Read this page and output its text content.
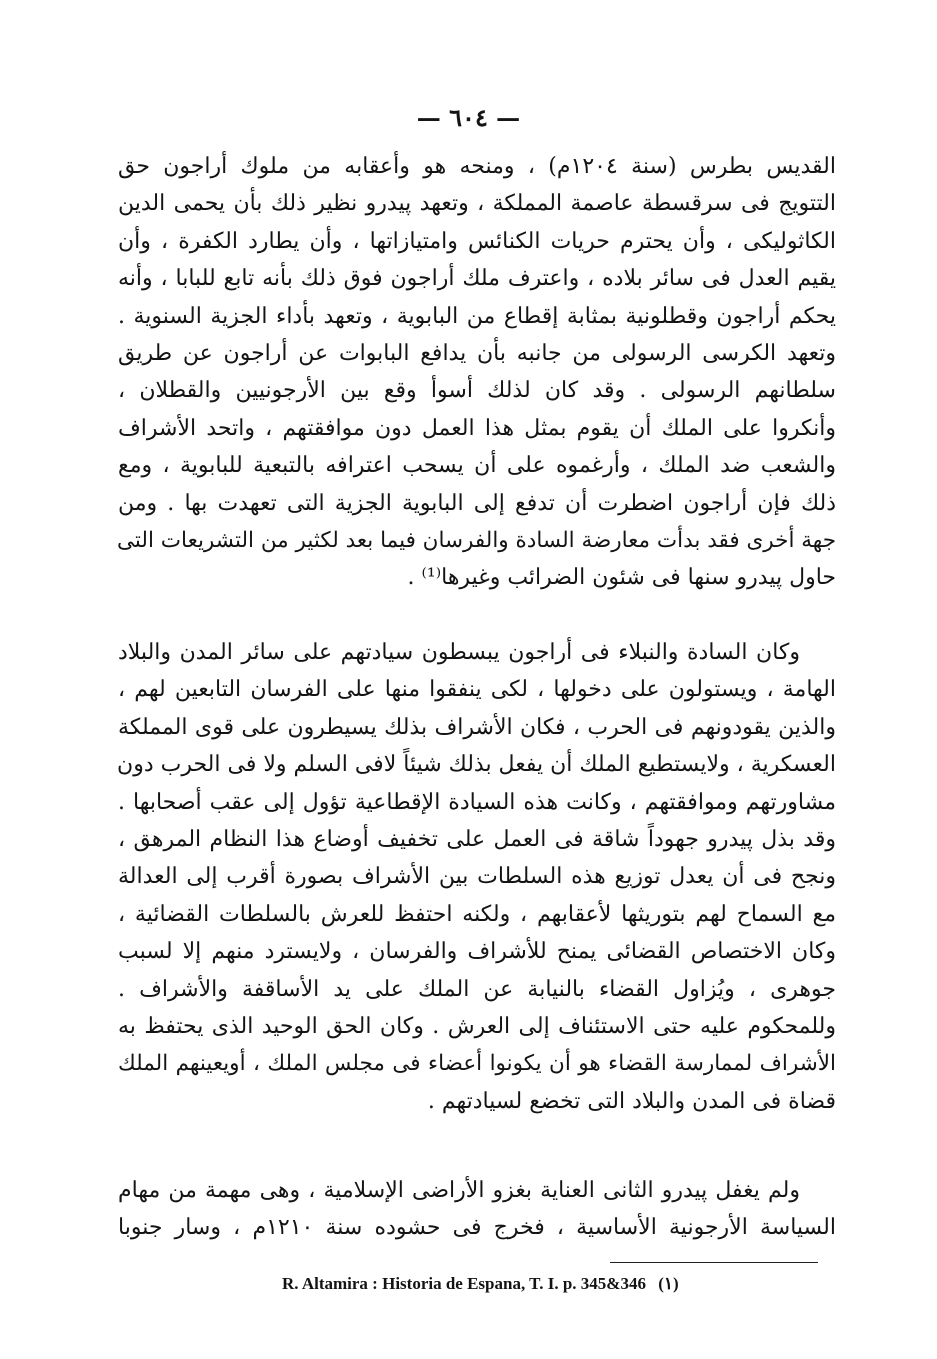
— ٦٠٤ —
القديس بطرس (سنة ١٢٠٤م) ، ومنحه هو وأعقابه من ملوك أراجون حق
التتويج فى سرقسطة عاصمة المملكة ، وتعهد پيدرو نظير ذلك بأن يحمى الدين
الكاثوليكى ، وأن يحترم حريات الكنائس وامتيازاتها ، وأن يطارد الكفرة ، وأن
يقيم العدل فى سائر بلاده ، واعترف ملك أراجون فوق ذلك بأنه تابع للبابا ، وأنه
يحكم أراجون وقطلونية بمثابة إقطاع من البابوية ، وتعهد بأداء الجزية السنوية .
وتعهد الكرسى الرسولى من جانبه بأن يدافع البابوات عن أراجون عن طريق
سلطانهم الرسولى . وقد كان لذلك أسوأ وقع بين الأرجونيين والقطلان ،
وأنكروا على الملك أن يقوم بمثل هذا العمل دون موافقتهم ، واتحد الأشراف
والشعب ضد الملك ، وأرغموه على أن يسحب اعترافه بالتبعية للبابوية ، ومع
ذلك فإن أراجون اضطرت أن تدفع إلى البابوية الجزية التى تعهدت بها . ومن
جهة أخرى فقد بدأت معارضة السادة والفرسان فيما بعد لكثير من التشريعات التى
حاول پيدرو سنها فى شئون الضرائب وغيرها⁽¹⁾ .
وكان السادة والنبلاء فى أراجون يبسطون سيادتهم على سائر المدن والبلاد
الهامة ، ويستولون على دخولها ، لكى ينفقوا منها على الفرسان التابعين لهم ،
والذين يقودونهم فى الحرب ، فكان الأشراف بذلك يسيطرون على قوى المملكة
العسكرية ، ولايستطيع الملك أن يفعل بذلك شيئاً لافى السلم ولا فى الحرب دون
مشاورتهم وموافقتهم ، وكانت هذه السيادة الإقطاعية تؤول إلى عقب أصحابها .
وقد بذل پيدرو جهوداً شاقة فى العمل على تخفيف أوضاع هذا النظام المرهق ،
ونجح فى أن يعدل توزيع هذه السلطات بين الأشراف بصورة أقرب إلى العدالة
مع السماح لهم بتوريثها لأعقابهم ، ولكنه احتفظ للعرش بالسلطات القضائية ،
وكان الاختصاص القضائى يمنح للأشراف والفرسان ، ولايسترد منهم إلا لسبب
جوهرى ، ويُزاول القضاء بالنيابة عن الملك على يد الأساقفة والأشراف .
وللمحكوم عليه حتى الاستئناف إلى العرش . وكان الحق الوحيد الذى يحتفظ به
الأشراف لممارسة القضاء هو أن يكونوا أعضاء فى مجلس الملك ، أويعينهم الملك
قضاة فى المدن والبلاد التى تخضع لسيادتهم .
ولم يغفل پيدرو الثانى العناية بغزو الأراضى الإسلامية ، وهى مهمة من مهام
السياسة الأرجونية الأساسية ، فخرج فى حشوده سنة ١٢١٠م ، وسار جنوبا
R. Altamira : Historia de Espana, T. I. p. 345&346 (١)
